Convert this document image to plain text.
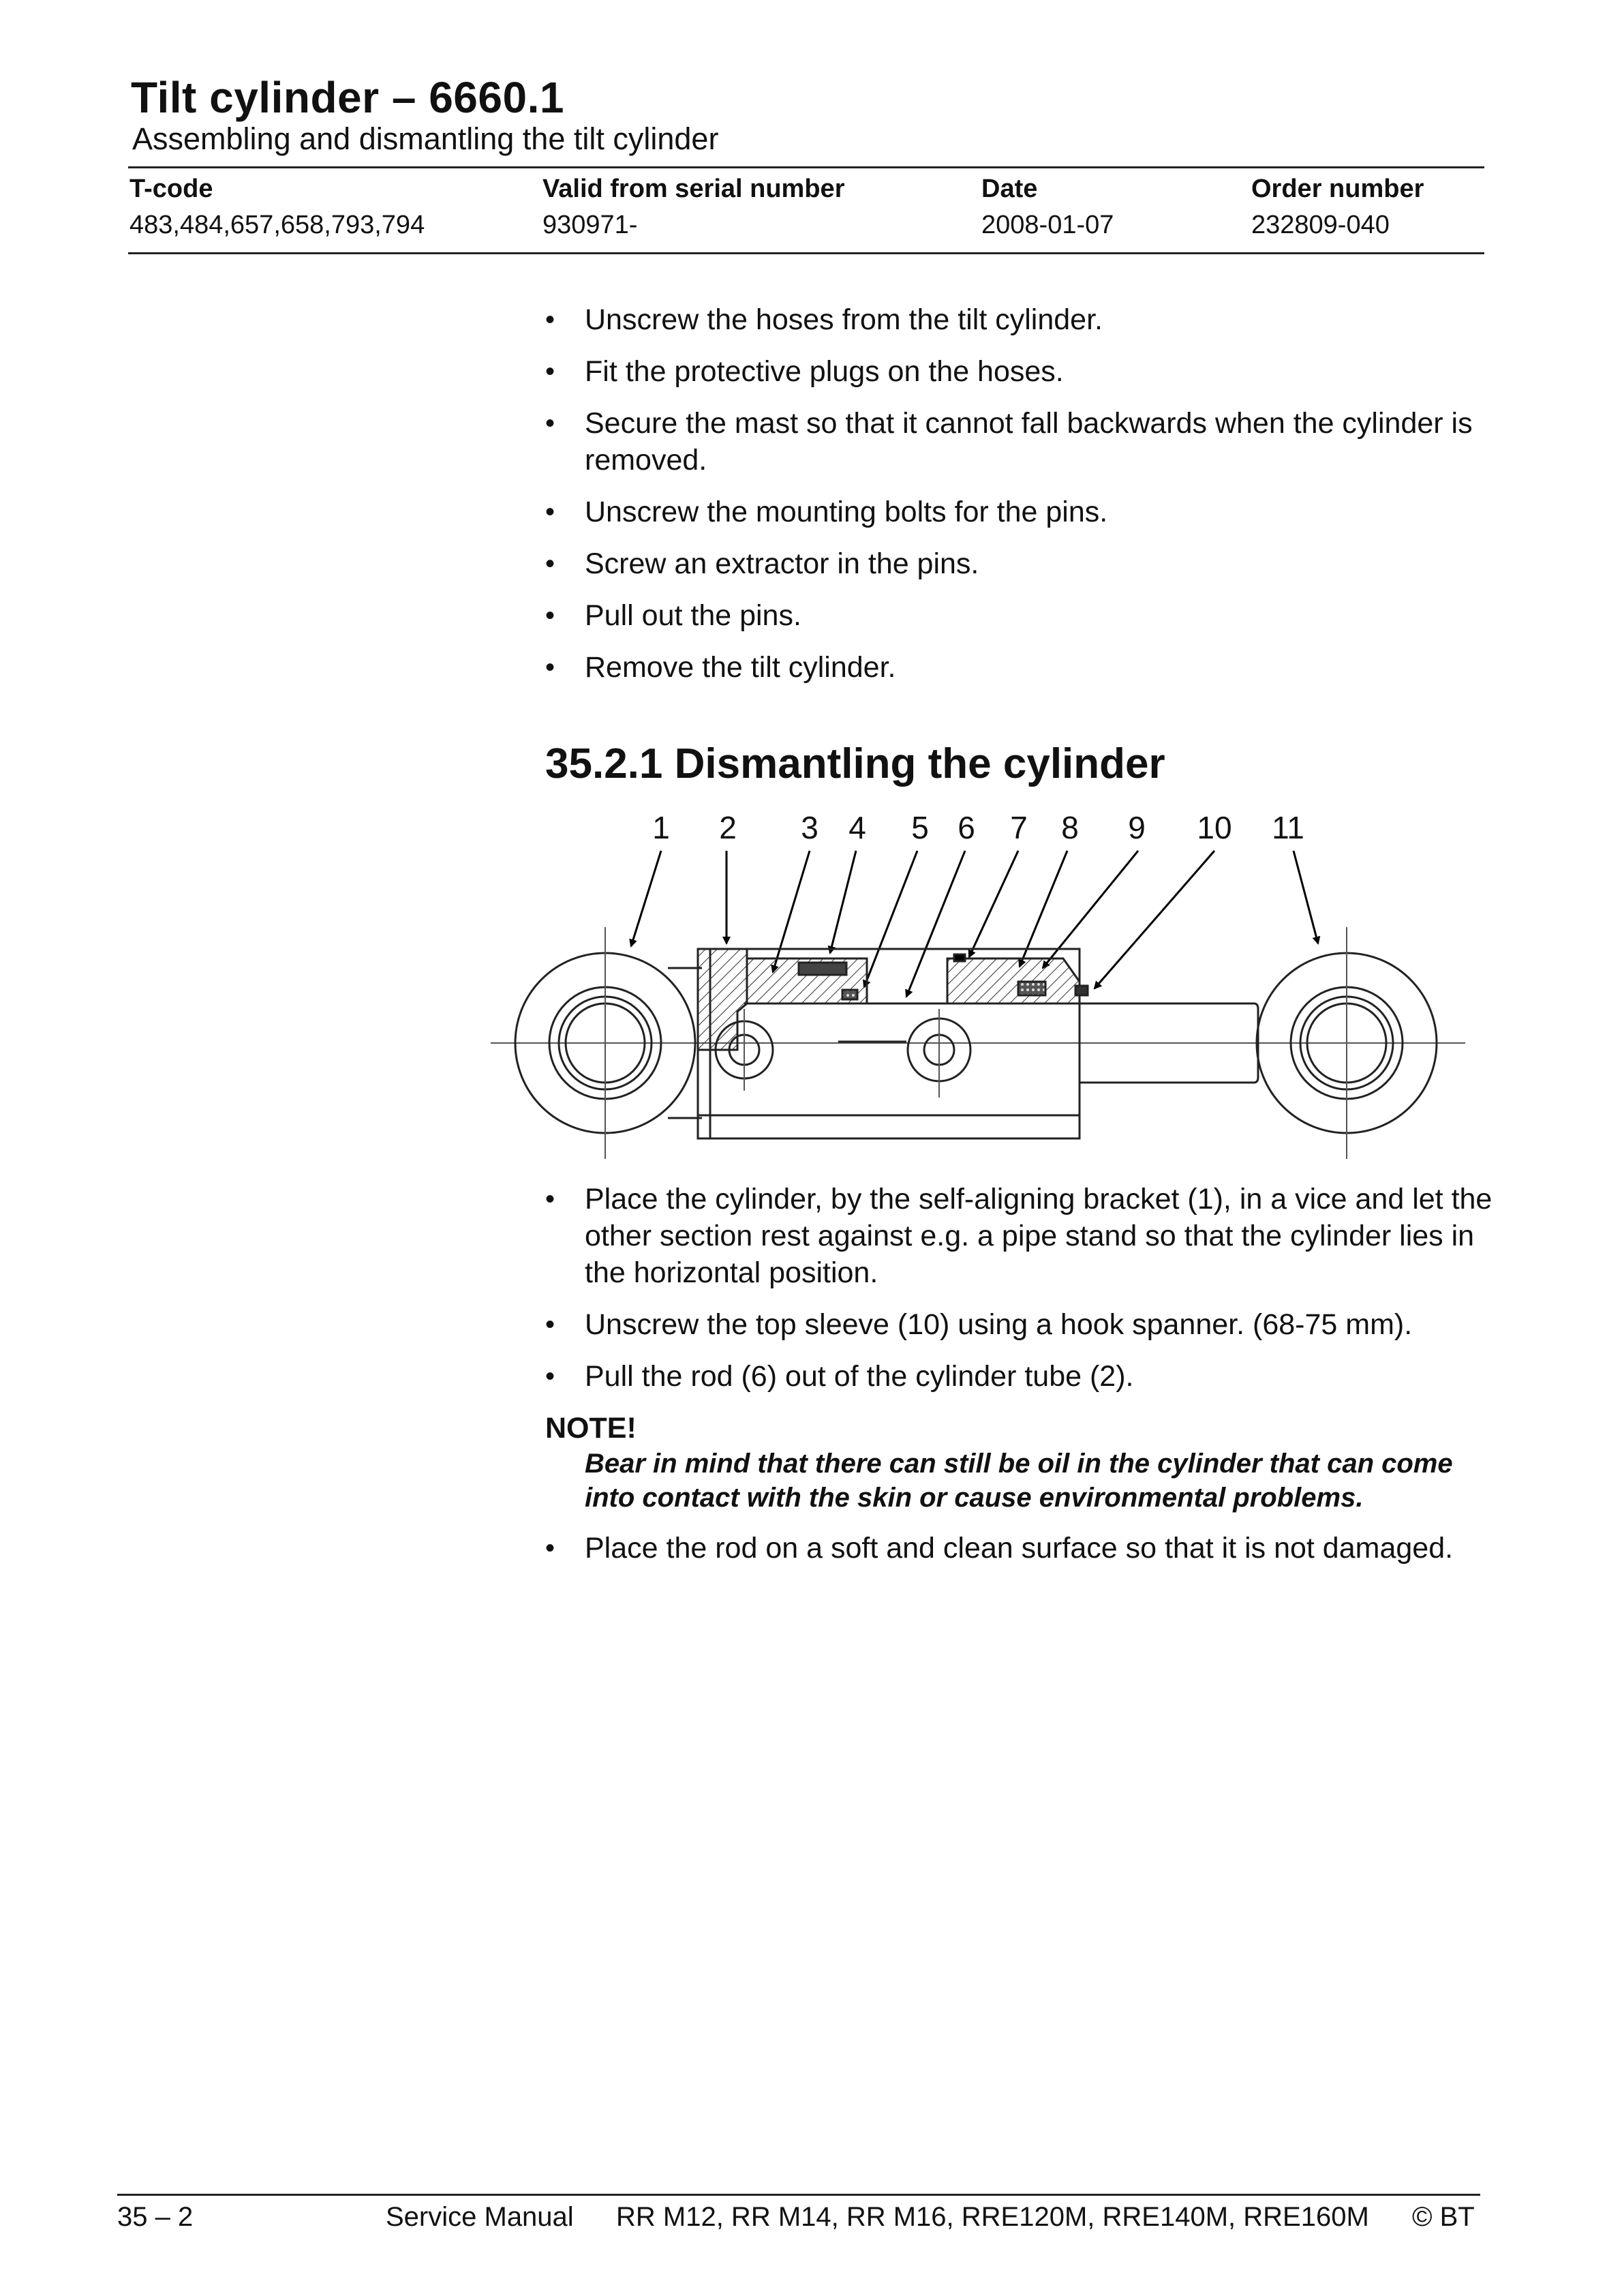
Tilt cylinder – 6660.1
Assembling and dismantling the tilt cylinder
T-code
483,484,657,658,793,794
Valid from serial number
930971-
Date
2008-01-07
Order number
232809-040
• Unscrew the hoses from the tilt cylinder.
• Fit the protective plugs on the hoses.
• Secure the mast so that it cannot fall backwards when the cylinder is removed.
• Unscrew the mounting bolts for the pins.
• Screw an extractor in the pins.
• Pull out the pins.
• Remove the tilt cylinder.
35.2.1 Dismantling the cylinder
1 2 3 4 5 6 7 8 9 10 11
• Place the cylinder, by the self-aligning bracket (1), in a vice and let the other section rest against e.g. a pipe stand so that the cylinder lies in the horizontal position.
• Unscrew the top sleeve (10) using a hook spanner. (68-75 mm).
• Pull the rod (6) out of the cylinder tube (2).
NOTE!
Bear in mind that there can still be oil in the cylinder that can come into contact with the skin or cause environmental problems.
• Place the rod on a soft and clean surface so that it is not damaged.
35 – 2	Service Manual RR M12, RR M14, RR M16, RRE120M, RRE140M, RRE160M © BT
